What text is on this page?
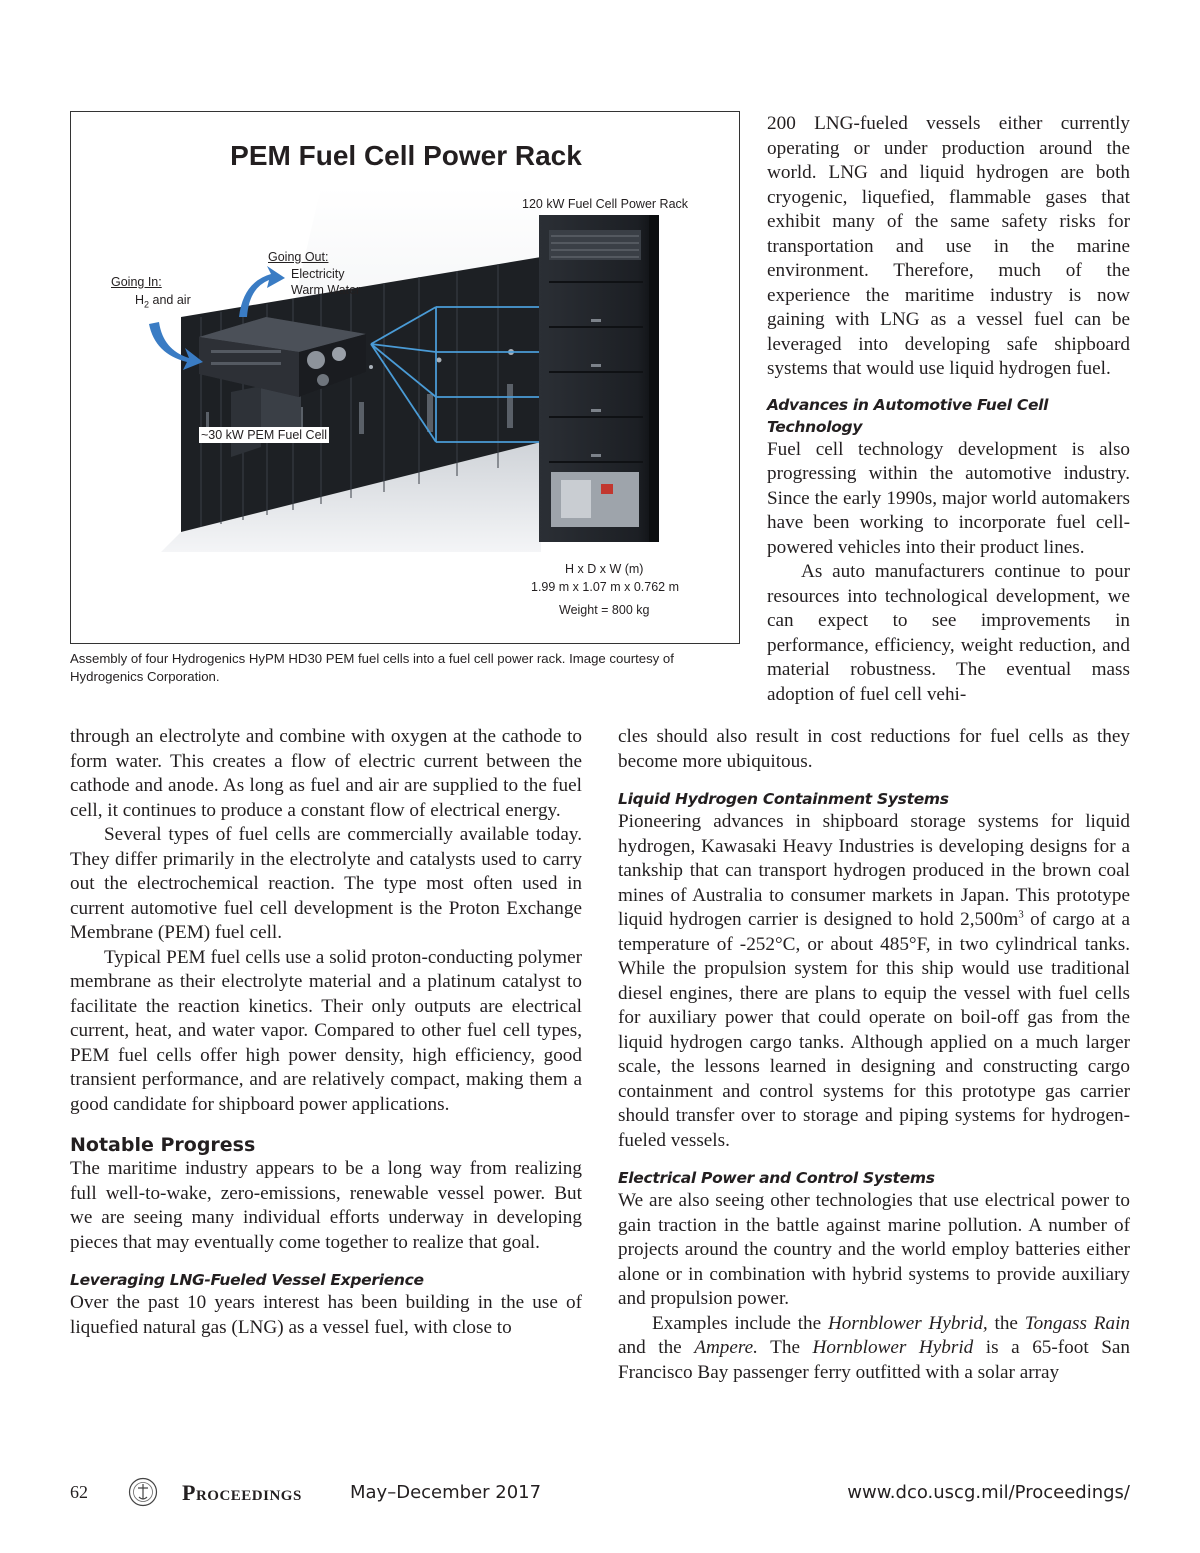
PEM Fuel Cell Power Rack
120 kW Fuel Cell Power Rack
Going Out:
Electricity
Warm Water
Going In:
$H_2$ and air
~30 kW PEM Fuel Cell
H x D x W (m)
1.99 m x 1.07 m x 0.762 m
Weight = 800 kg

Assembly of four Hydrogenics HyPM HD30 PEM fuel cells into a fuel cell power rack. Image courtesy of Hydrogenics Corporation.

200 LNG-fueled vessels either currently operating or under production around the world. LNG and liquid hydrogen are both cryogenic, liquefied, flammable gases that exhibit many of the same safety risks for transportation and use in the marine environment. Therefore, much of the experience the maritime industry is now gaining with LNG as a vessel fuel can be leveraged into developing safe shipboard systems that would use liquid hydrogen fuel.

Advances in Automotive Fuel Cell Technology

Fuel cell technology development is also progressing within the automotive industry. Since the early 1990s, major world automakers have been working to incorporate fuel cell-powered vehicles into their product lines.

As auto manufacturers continue to pour resources into technological development, we can expect to see improvements in performance, efficiency, weight reduction, and material robustness. The eventual mass adoption of fuel cell vehi-

through an electrolyte and combine with oxygen at the cathode to form water. This creates a flow of electric current between the cathode and anode. As long as fuel and air are supplied to the fuel cell, it continues to produce a constant flow of electrical energy.

Several types of fuel cells are commercially available today. They differ primarily in the electrolyte and catalysts used to carry out the electrochemical reaction. The type most often used in current automotive fuel cell development is the Proton Exchange Membrane (PEM) fuel cell.

Typical PEM fuel cells use a solid proton-conducting polymer membrane as their electrolyte material and a platinum catalyst to facilitate the reaction kinetics. Their only outputs are electrical current, heat, and water vapor. Compared to other fuel cell types, PEM fuel cells offer high power density, high efficiency, good transient performance, and are relatively compact, making them a good candidate for shipboard power applications.

Notable Progress

The maritime industry appears to be a long way from realizing full well-to-wake, zero-emissions, renewable vessel power. But we are seeing many individual efforts underway in developing pieces that may eventually come together to realize that goal.

Leveraging LNG-Fueled Vessel Experience

Over the past 10 years interest has been building in the use of liquefied natural gas (LNG) as a vessel fuel, with close to

cles should also result in cost reductions for fuel cells as they become more ubiquitous.

Liquid Hydrogen Containment Systems

Pioneering advances in shipboard storage systems for liquid hydrogen, Kawasaki Heavy Industries is developing designs for a tankship that can transport hydrogen produced in the brown coal mines of Australia to consumer markets in Japan. This prototype liquid hydrogen carrier is designed to hold $2,500m^3$ of cargo at a temperature of -252°C, or about 485°F, in two cylindrical tanks. While the propulsion system for this ship would use traditional diesel engines, there are plans to equip the vessel with fuel cells for auxiliary power that could operate on boil-off gas from the liquid hydrogen cargo tanks. Although applied on a much larger scale, the lessons learned in designing and constructing cargo containment and control systems for this prototype gas carrier should transfer over to storage and piping systems for hydrogen-fueled vessels.

Electrical Power and Control Systems

We are also seeing other technologies that use electrical power to gain traction in the battle against marine pollution. A number of projects around the country and the world employ batteries either alone or in combination with hybrid systems to provide auxiliary and propulsion power.

Examples include the Hornblower Hybrid, the Tongass Rain and the Ampere. The Hornblower Hybrid is a 65-foot San Francisco Bay passenger ferry outfitted with a solar array

62	Proceedings	May–December 2017	www.dco.uscg.mil/Proceedings/
